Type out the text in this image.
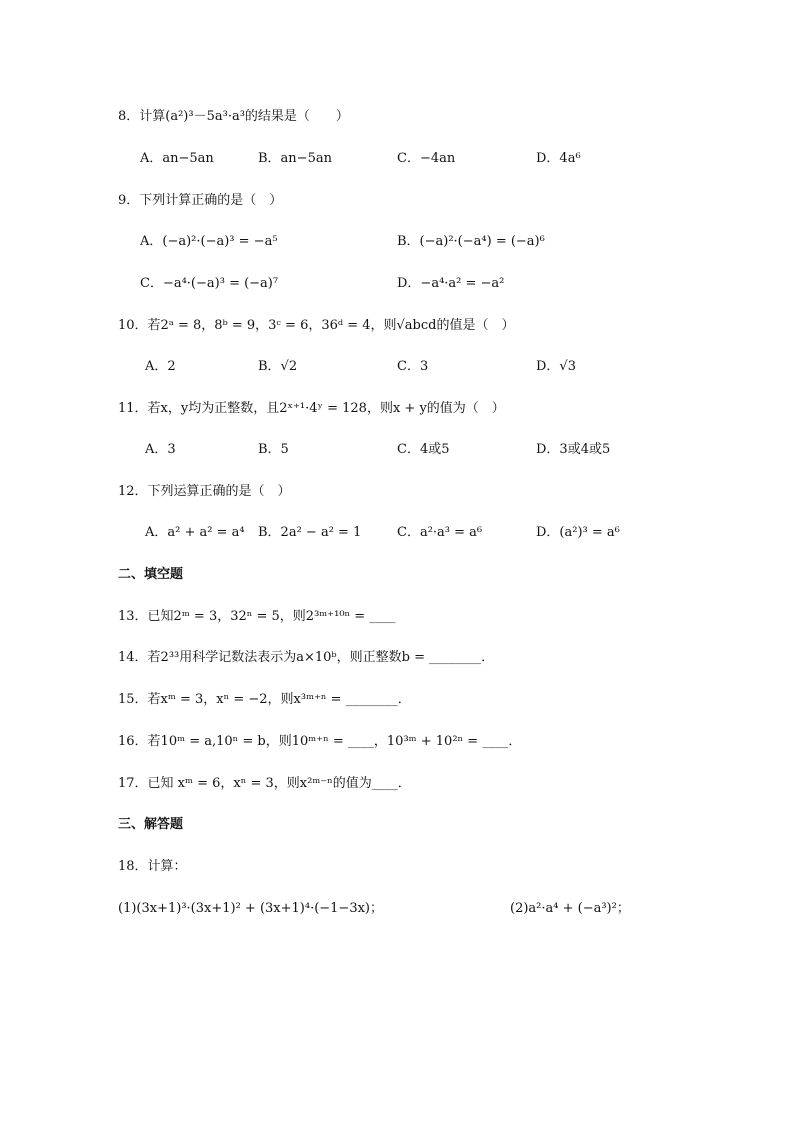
8．计算(a²)³－5a³·a³的结果是（　　）
A．an−5an	B．an−5an	C．−4an	D．4a⁶
9．下列计算正确的是（　）
A．(−a)²·(−a)³ = −a⁵	B．(−a)²·(−a⁴) = (−a)⁶
C．−a⁴·(−a)³ = (−a)⁷	D．−a⁴·a² = −a²
10．若2ᵃ = 8，8ᵇ = 9，3ᶜ = 6，36ᵈ = 4，则√abcd的值是（　）
A．2	B．√2	C．3	D．√3
11．若x，y均为正整数，且2ˣ⁺¹·4ʸ = 128，则x + y的值为（　）
A．3	B．5	C．4或5	D．3或4或5
12．下列运算正确的是（　）
A．a² + a² = a⁴ B．2a² − a² = 1	C．a²·a³ = a⁶	D．(a²)³ = a⁶
二、填空题
13．已知2ᵐ = 3，32ⁿ = 5，则2³ᵐ⁺¹⁰ⁿ = ____
14．若2³³用科学记数法表示为a×10ᵇ，则正整数b = ________．
15．若xᵐ = 3，xⁿ = −2，则x³ᵐ⁺ⁿ = ________．
16．若10ᵐ = a,10ⁿ = b，则10ᵐ⁺ⁿ = ____，10³ᵐ + 10²ⁿ = ____．
17．已知 xᵐ = 6，xⁿ = 3，则x²ᵐ⁻ⁿ的值为____．
三、解答题
18．计算：
(1)(3x+1)³·(3x+1)² + (3x+1)⁴·(−1−3x)；	(2)a²·a⁴ + (−a³)²；
